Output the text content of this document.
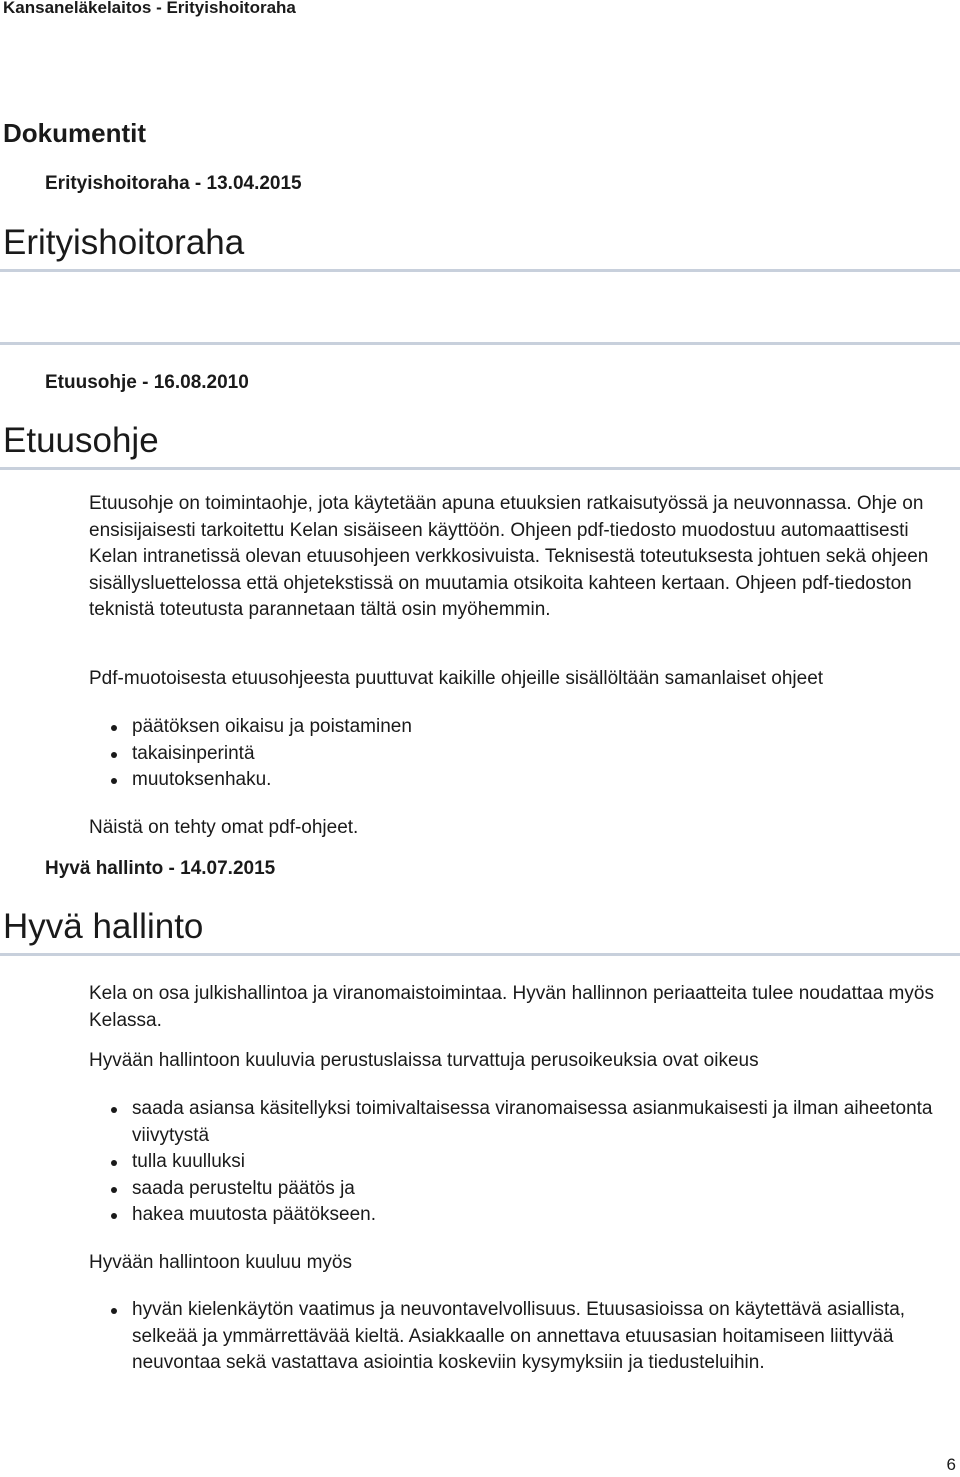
Kansaneläkelaitos - Erityishoitoraha
Dokumentit
Erityishoitoraha - 13.04.2015
Erityishoitoraha
Etuusohje - 16.08.2010
Etuusohje

Etuusohje on toimintaohje, jota käytetään apuna etuuksien ratkaisutyössä ja neuvonnassa. Ohje on ensisijaisesti tarkoitettu Kelan sisäiseen käyttöön. Ohjeen pdf-tiedosto muodostuu automaattisesti Kelan intranetissä olevan etuusohjeen verkkosivuista. Teknisestä toteutuksesta johtuen sekä ohjeen sisällysluettelossa että ohjetekstissä on muutamia otsikoita kahteen kertaan. Ohjeen pdf-tiedoston teknistä toteutusta parannetaan tältä osin myöhemmin.

Pdf-muotoisesta etuusohjeesta puuttuvat kaikille ohjeille sisällöltään samanlaiset ohjeet

päätöksen oikaisu ja poistaminen
takaisinperintä
muutoksenhaku.

Näistä on tehty omat pdf-ohjeet.

Hyvä hallinto - 14.07.2015
Hyvä hallinto

Kela on osa julkishallintoa ja viranomaistoimintaa. Hyvän hallinnon periaatteita tulee noudattaa myös Kelassa.

Hyvään hallintoon kuuluvia perustuslaissa turvattuja perusoikeuksia ovat oikeus

saada asiansa käsitellyksi toimivaltaisessa viranomaisessa asianmukaisesti ja ilman aiheetonta viivytystä
tulla kuulluksi
saada perusteltu päätös ja
hakea muutosta päätökseen.

Hyvään hallintoon kuuluu myös

hyvän kielenkäytön vaatimus ja neuvontavelvollisuus. Etuusasioissa on käytettävä asiallista, selkeää ja ymmärrettävää kieltä. Asiakkaalle on annettava etuusasian hoitamiseen liittyvää neuvontaa sekä vastattava asiointia koskeviin kysymyksiin ja tiedusteluihin.
6
